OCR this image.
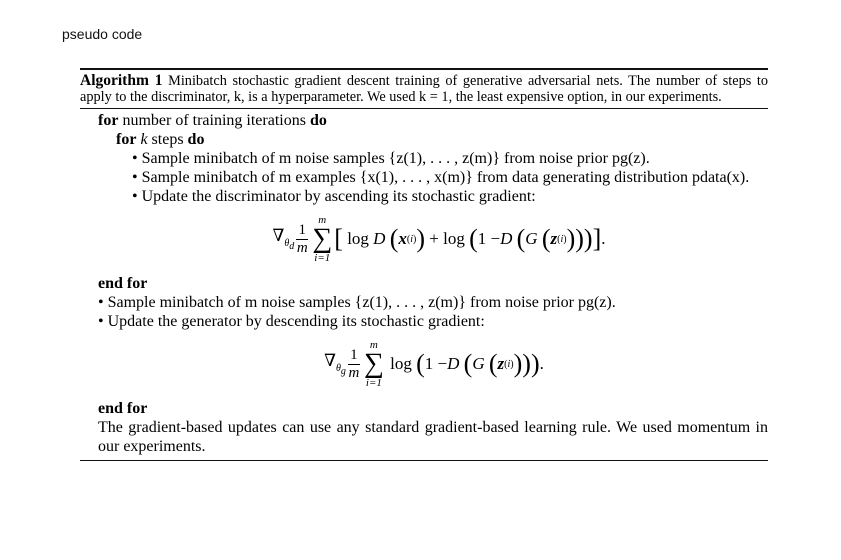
pseudo code
Algorithm 1 Minibatch stochastic gradient descent training of generative adversarial nets. The number of steps to apply to the discriminator, k, is a hyperparameter. We used k = 1, the least expensive option, in our experiments.
for number of training iterations do
for k steps do
• Sample minibatch of m noise samples {z(1), . . . , z(m)} from noise prior pg(z).
• Sample minibatch of m examples {x(1), . . . , x(m)} from data generating distribution pdata(x).
• Update the discriminator by ascending its stochastic gradient:
$\nabla_{\theta_d} \frac{1}{m}$
m
∑
i=1
[ log D
( x (i) ) + log ( 1 − D
( G
( z (i) )))] .
end for
• Sample minibatch of m noise samples {z(1), . . . , z(m)} from noise prior pg(z).
• Update the generator by descending its stochastic gradient:
$\nabla_{\theta_g} \frac{1}{m}$
m
∑
i=1
log ( 1 − D
( G
( z (i) ))) .
end for
The gradient-based updates can use any standard gradient-based learning rule. We used momentum in our experiments.
